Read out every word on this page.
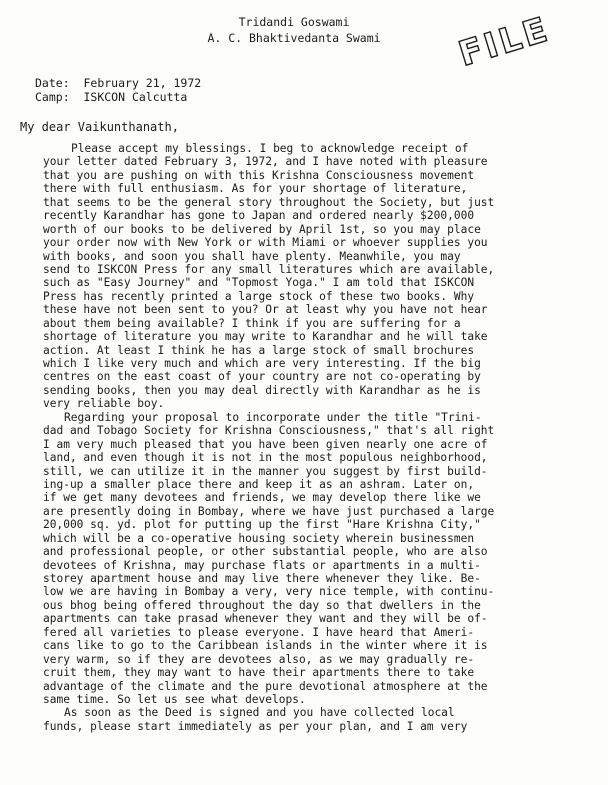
Tridandi Goswami
A. C. Bhaktivedanta Swami	FILE
Date: February 21, 1972
Camp: ISKCON Calcutta
My dear Vaikunthanath,
Please accept my blessings. I beg to acknowledge receipt of
your letter dated February 3, 1972, and I have noted with pleasure
that you are pushing on with this Krishna Consciousness movement
there with full enthusiasm. As for your shortage of literature,
that seems to be the general story throughout the Society, but just
recently Karandhar has gone to Japan and ordered nearly $200,000
worth of our books to be delivered by April 1st, so you may place
your order now with New York or with Miami or whoever supplies you
with books, and soon you shall have plenty. Meanwhile, you may
send to ISKCON Press for any small literatures which are available,
such as "Easy Journey" and "Topmost Yoga." I am told that ISKCON
Press has recently printed a large stock of these two books. Why
these have not been sent to you? Or at least why you have not hear
about them being available? I think if you are suffering for a
shortage of literature you may write to Karandhar and he will take
action. At least I think he has a large stock of small brochures
which I like very much and which are very interesting. If the big
centres on the east coast of your country are not co-operating by
sending books, then you may deal directly with Karandhar as he is
very reliable boy.
Regarding your proposal to incorporate under the title "Trini-
dad and Tobago Society for Krishna Consciousness," that's all right
I am very much pleased that you have been given nearly one acre of
land, and even though it is not in the most populous neighborhood,
still, we can utilize it in the manner you suggest by first build-
ing-up a smaller place there and keep it as an ashram. Later on,
if we get many devotees and friends, we may develop there like we
are presently doing in Bombay, where we have just purchased a large
20,000 sq. yd. plot for putting up the first "Hare Krishna City,"
which will be a co-operative housing society wherein businessmen
and professional people, or other substantial people, who are also
devotees of Krishna, may purchase flats or apartments in a multi-
storey apartment house and may live there whenever they like. Be-
low we are having in Bombay a very, very nice temple, with continu-
ous bhog being offered throughout the day so that dwellers in the
apartments can take prasad whenever they want and they will be of-
fered all varieties to please everyone. I have heard that Ameri-
cans like to go to the Caribbean islands in the winter where it is
very warm, so if they are devotees also, as we may gradually re-
cruit them, they may want to have their apartments there to take
advantage of the climate and the pure devotional atmosphere at the
same time. So let us see what develops.
As soon as the Deed is signed and you have collected local
funds, please start immediately as per your plan, and I am very
